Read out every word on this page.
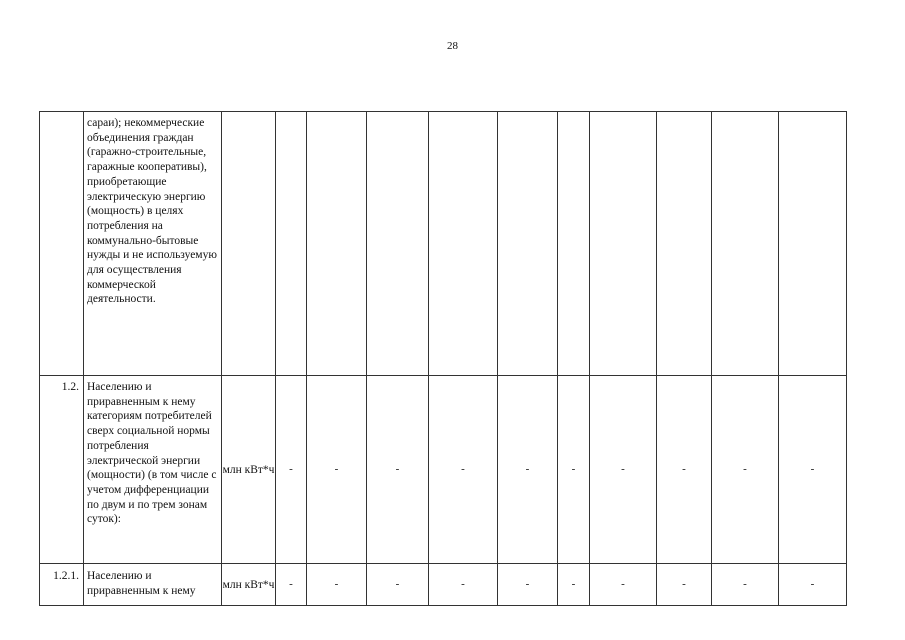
28
	сараи); некоммерческие объединения граждан (гаражно-строительные, гаражные кооперативы), приобретающие электрическую энергию (мощность) в целях потребления на коммунально-бытовые нужды и не используемую для осуществления коммерческой деятельности.											
1.2.	Населению и приравненным к нему категориям потребителей сверх социальной нормы потребления электрической энергии (мощности) (в том числе с учетом дифференциации по двум и по трем зонам суток):	млн кВт*ч	-	-	-	-	-	-	-	-	-	-
1.2.1.	Населению и приравненным к нему	млн кВт*ч	-	-	-	-	-	-	-	-	-	-
